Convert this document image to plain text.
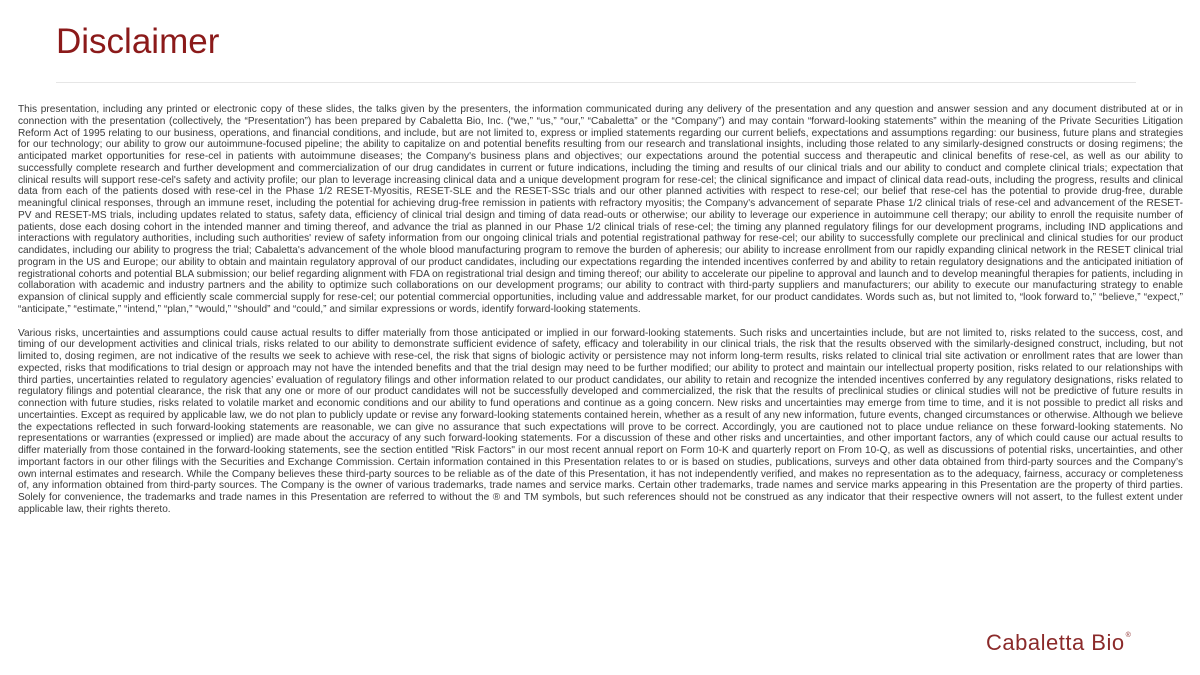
Disclaimer

This presentation, including any printed or electronic copy of these slides, the talks given by the presenters, the information communicated during any delivery of the presentation and any question and answer session and any document distributed at or in connection with the presentation (collectively, the “Presentation”) has been prepared by Cabaletta Bio, Inc. (“we,” “us,” “our,” “Cabaletta” or the “Company”) and may contain “forward-looking statements” within the meaning of the Private Securities Litigation Reform Act of 1995 relating to our business, operations, and financial conditions, and include, but are not limited to, express or implied statements regarding our current beliefs, expectations and assumptions regarding: our business, future plans and strategies for our technology; our ability to grow our autoimmune-focused pipeline; the ability to capitalize on and potential benefits resulting from our research and translational insights, including those related to any similarly-designed constructs or dosing regimens; the anticipated market opportunities for rese-cel in patients with autoimmune diseases; the Company's business plans and objectives; our expectations around the potential success and therapeutic and clinical benefits of rese-cel, as well as our ability to successfully complete research and further development and commercialization of our drug candidates in current or future indications, including the timing and results of our clinical trials and our ability to conduct and complete clinical trials; expectation that clinical results will support rese-cel's safety and activity profile; our plan to leverage increasing clinical data and a unique development program for rese-cel; the clinical significance and impact of clinical data read-outs, including the progress, results and clinical data from each of the patients dosed with rese-cel in the Phase 1/2 RESET-Myositis, RESET-SLE and the RESET-SSc trials and our other planned activities with respect to rese-cel; our belief that rese-cel has the potential to provide drug-free, durable meaningful clinical responses, through an immune reset, including the potential for achieving drug-free remission in patients with refractory myositis; the Company's advancement of separate Phase 1/2 clinical trials of rese-cel and advancement of the RESET-PV and RESET-MS trials, including updates related to status, safety data, efficiency of clinical trial design and timing of data read-outs or otherwise; our ability to leverage our experience in autoimmune cell therapy; our ability to enroll the requisite number of patients, dose each dosing cohort in the intended manner and timing thereof, and advance the trial as planned in our Phase 1/2 clinical trials of rese-cel; the timing any planned regulatory filings for our development programs, including IND applications and interactions with regulatory authorities, including such authorities' review of safety information from our ongoing clinical trials and potential registrational pathway for rese-cel; our ability to successfully complete our preclinical and clinical studies for our product candidates, including our ability to progress the trial; Cabaletta's advancement of the whole blood manufacturing program to remove the burden of apheresis; our ability to increase enrollment from our rapidly expanding clinical network in the RESET clinical trial program in the US and Europe; our ability to obtain and maintain regulatory approval of our product candidates, including our expectations regarding the intended incentives conferred by and ability to retain regulatory designations and the anticipated initiation of registrational cohorts and potential BLA submission; our belief regarding alignment with FDA on registrational trial design and timing thereof; our ability to accelerate our pipeline to approval and launch and to develop meaningful therapies for patients, including in collaboration with academic and industry partners and the ability to optimize such collaborations on our development programs; our ability to contract with third-party suppliers and manufacturers; our ability to execute our manufacturing strategy to enable expansion of clinical supply and efficiently scale commercial supply for rese-cel; our potential commercial opportunities, including value and addressable market, for our product candidates. Words such as, but not limited to, “look forward to,” “believe,” “expect,” “anticipate,” “estimate,” “intend,” “plan,” “would,” “should” and “could,” and similar expressions or words, identify forward-looking statements.

Various risks, uncertainties and assumptions could cause actual results to differ materially from those anticipated or implied in our forward-looking statements. Such risks and uncertainties include, but are not limited to, risks related to the success, cost, and timing of our development activities and clinical trials, risks related to our ability to demonstrate sufficient evidence of safety, efficacy and tolerability in our clinical trials, the risk that the results observed with the similarly-designed construct, including, but not limited to, dosing regimen, are not indicative of the results we seek to achieve with rese-cel, the risk that signs of biologic activity or persistence may not inform long-term results, risks related to clinical trial site activation or enrollment rates that are lower than expected, risks that modifications to trial design or approach may not have the intended benefits and that the trial design may need to be further modified; our ability to protect and maintain our intellectual property position, risks related to our relationships with third parties, uncertainties related to regulatory agencies’ evaluation of regulatory filings and other information related to our product candidates, our ability to retain and recognize the intended incentives conferred by any regulatory designations, risks related to regulatory filings and potential clearance, the risk that any one or more of our product candidates will not be successfully developed and commercialized, the risk that the results of preclinical studies or clinical studies will not be predictive of future results in connection with future studies, risks related to volatile market and economic conditions and our ability to fund operations and continue as a going concern. New risks and uncertainties may emerge from time to time, and it is not possible to predict all risks and uncertainties. Except as required by applicable law, we do not plan to publicly update or revise any forward-looking statements contained herein, whether as a result of any new information, future events, changed circumstances or otherwise. Although we believe the expectations reflected in such forward-looking statements are reasonable, we can give no assurance that such expectations will prove to be correct. Accordingly, you are cautioned not to place undue reliance on these forward-looking statements. No representations or warranties (expressed or implied) are made about the accuracy of any such forward-looking statements. For a discussion of these and other risks and uncertainties, and other important factors, any of which could cause our actual results to differ materially from those contained in the forward-looking statements, see the section entitled "Risk Factors" in our most recent annual report on Form 10-K and quarterly report on From 10-Q, as well as discussions of potential risks, uncertainties, and other important factors in our other filings with the Securities and Exchange Commission. Certain information contained in this Presentation relates to or is based on studies, publications, surveys and other data obtained from third-party sources and the Company’s own internal estimates and research. While the Company believes these third-party sources to be reliable as of the date of this Presentation, it has not independently verified, and makes no representation as to the adequacy, fairness, accuracy or completeness of, any information obtained from third-party sources. The Company is the owner of various trademarks, trade names and service marks. Certain other trademarks, trade names and service marks appearing in this Presentation are the property of third parties. Solely for convenience, the trademarks and trade names in this Presentation are referred to without the ® and TM symbols, but such references should not be construed as any indicator that their respective owners will not assert, to the fullest extent under applicable law, their rights thereto.

Cabaletta Bio®
